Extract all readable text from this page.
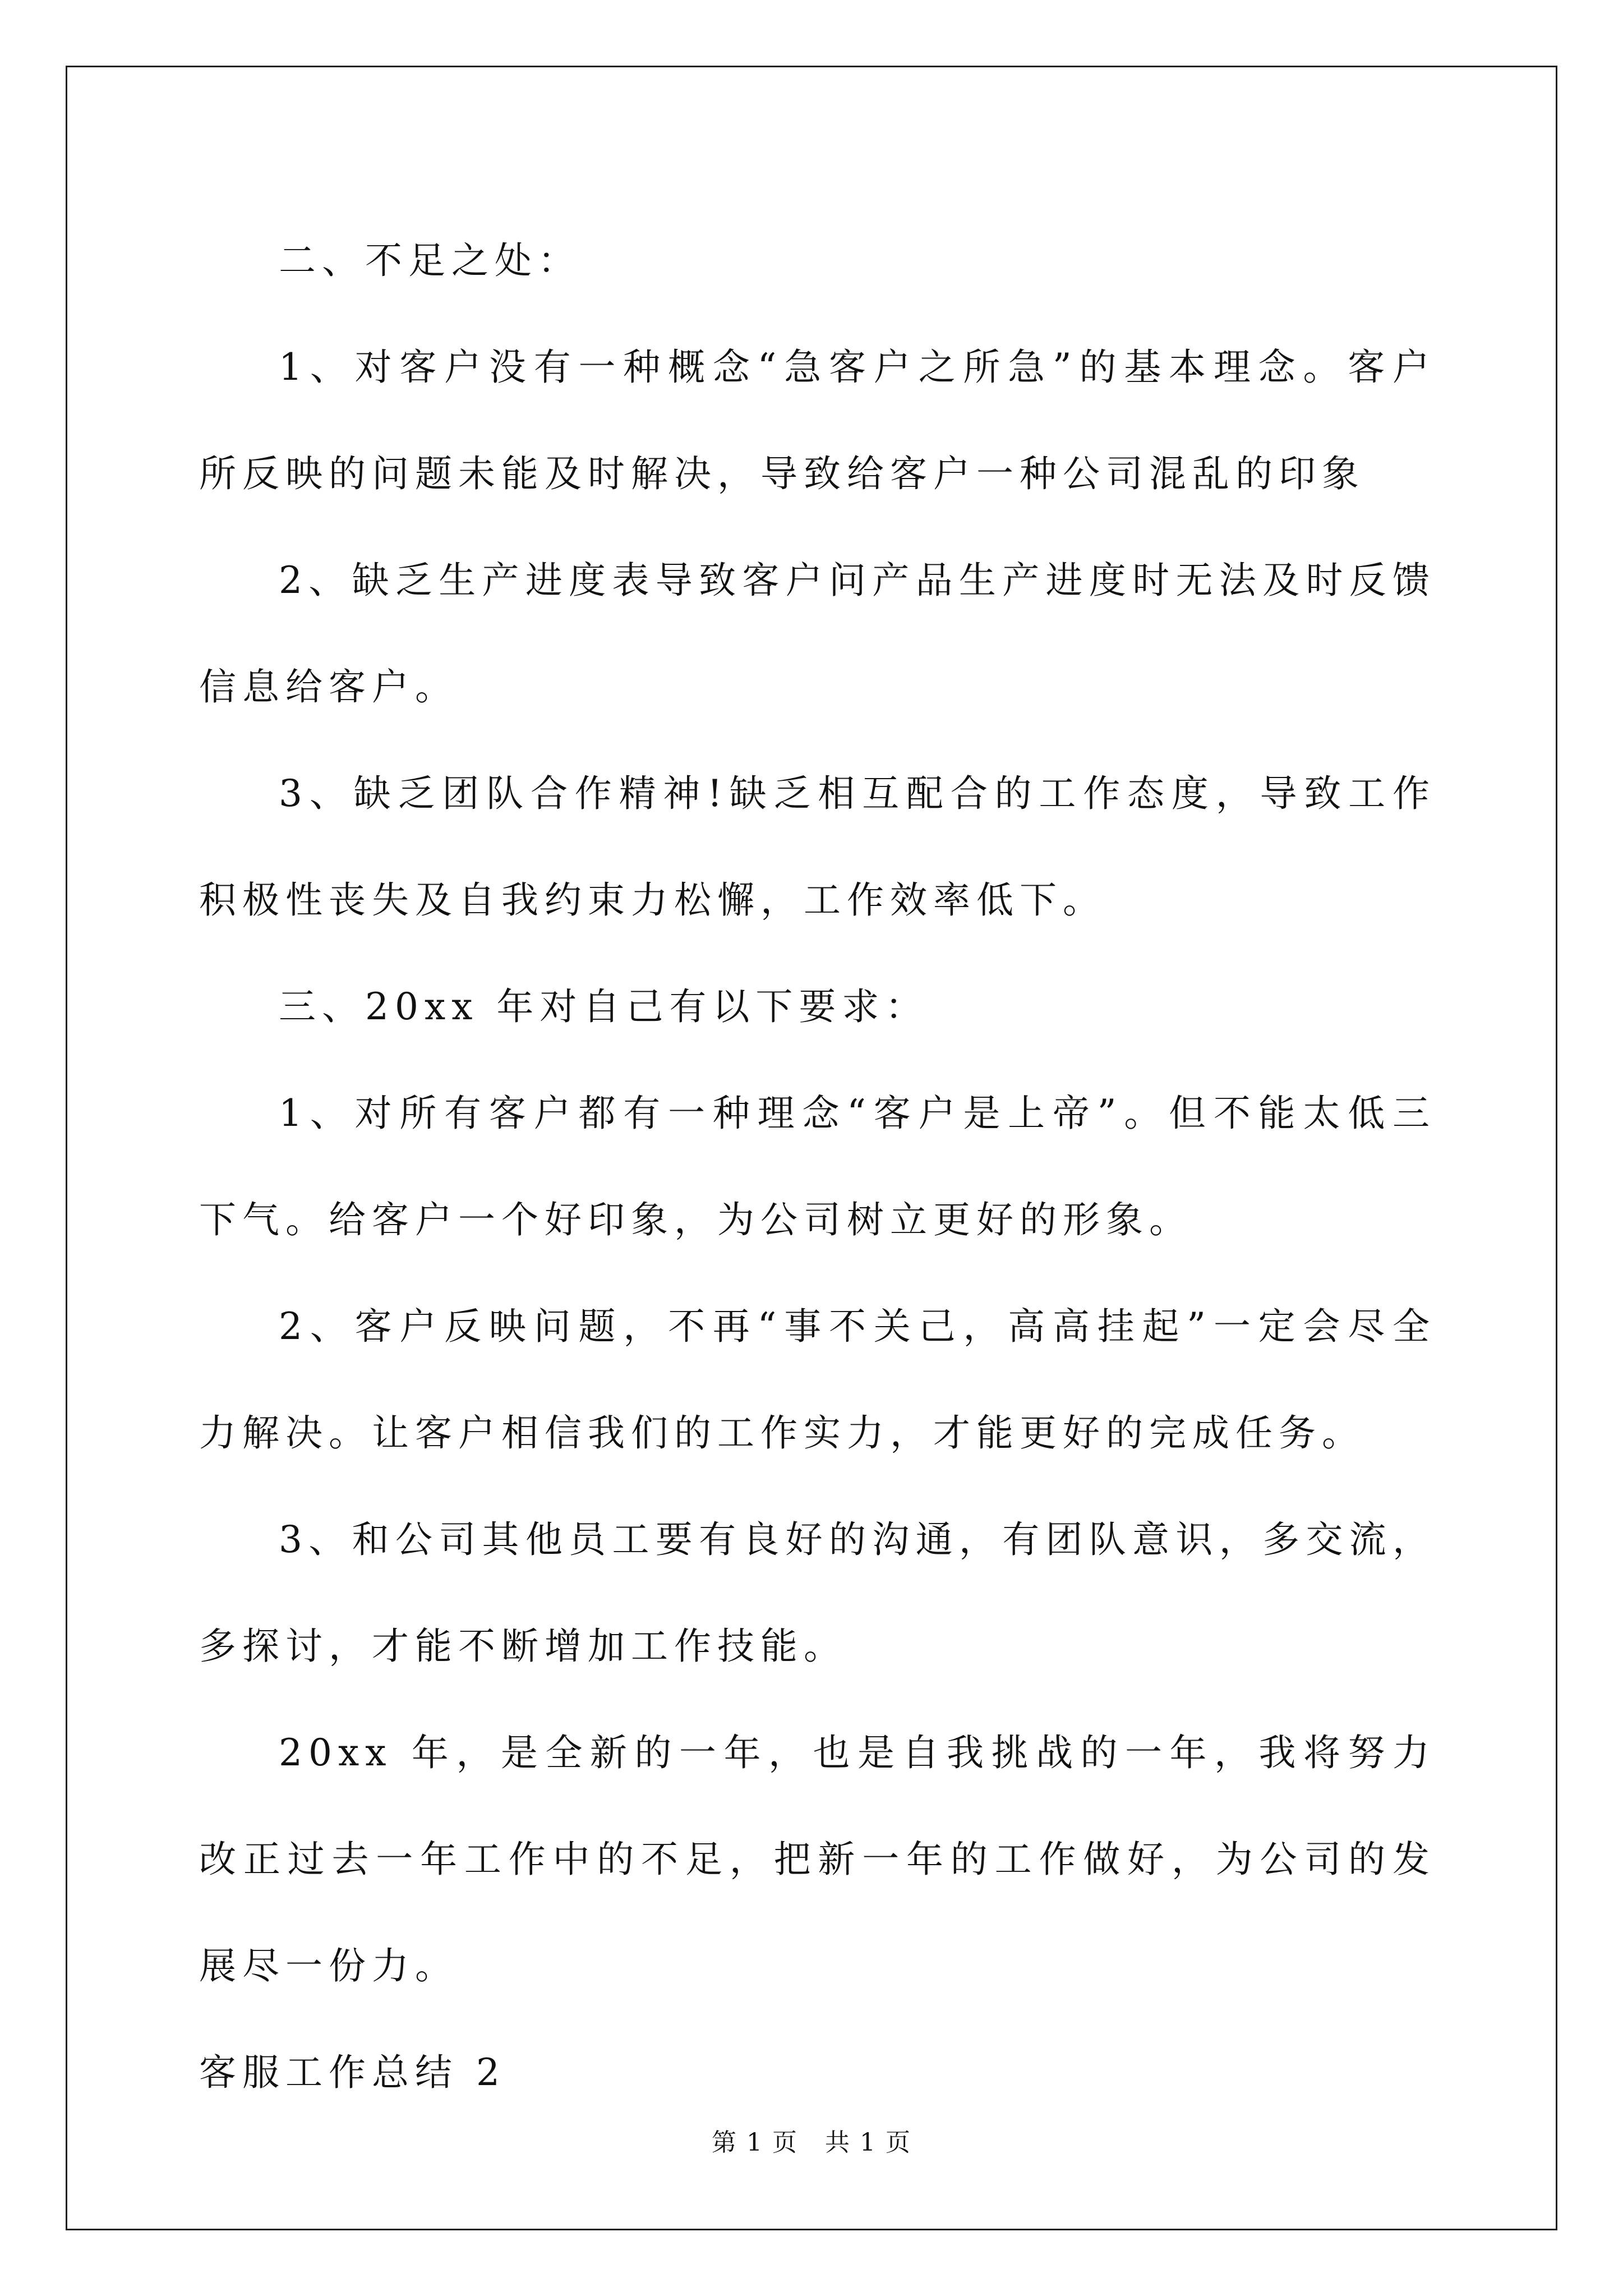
二、不足之处：

1、对客户没有一种概念“急客户之所急”的基本理念。客户所反映的问题未能及时解决，导致给客户一种公司混乱的印象

2、缺乏生产进度表导致客户问产品生产进度时无法及时反馈信息给客户。

3、缺乏团队合作精神!缺乏相互配合的工作态度，导致工作积极性丧失及自我约束力松懈，工作效率低下。

三、20xx 年对自己有以下要求：

1、对所有客户都有一种理念“客户是上帝”。但不能太低三下气。给客户一个好印象，为公司树立更好的形象。

2、客户反映问题，不再“事不关己，高高挂起”一定会尽全力解决。让客户相信我们的工作实力，才能更好的完成任务。

3、和公司其他员工要有良好的沟通，有团队意识，多交流，多探讨，才能不断增加工作技能。

20xx 年，是全新的一年，也是自我挑战的一年，我将努力改正过去一年工作中的不足，把新一年的工作做好，为公司的发展尽一份力。

客服工作总结 2

第 1 页 共 1 页
